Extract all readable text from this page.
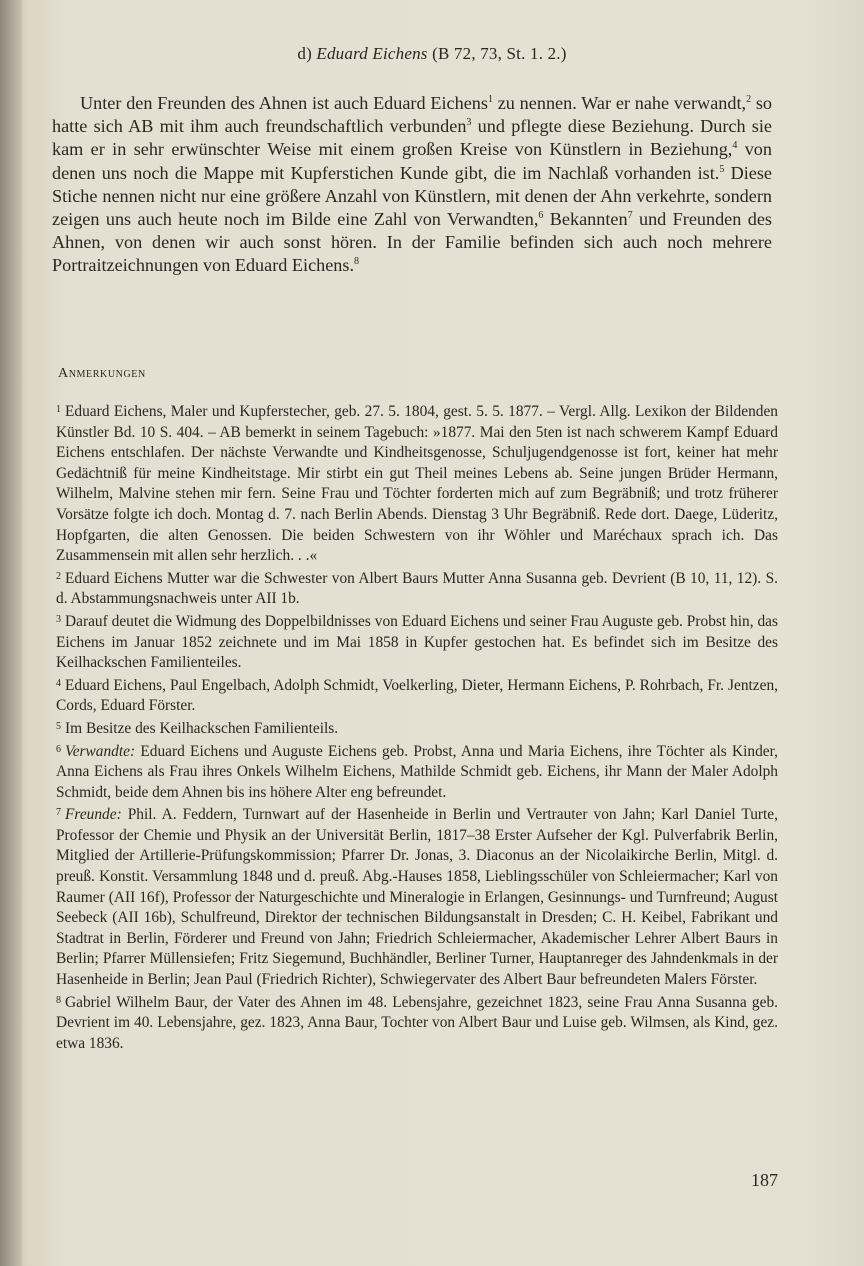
d) Eduard Eichens (B 72, 73, St. 1. 2.)

Unter den Freunden des Ahnen ist auch Eduard Eichens$^1$ zu nennen. War er nahe verwandt,$^2$ so hatte sich AB mit ihm auch freundschaftlich verbunden$^3$ und pflegte diese Beziehung. Durch sie kam er in sehr erwünschter Weise mit einem großen Kreise von Künstlern in Beziehung,$^4$ von denen uns noch die Mappe mit Kupferstichen Kunde gibt, die im Nachlaß vorhanden ist.$^5$ Diese Stiche nennen nicht nur eine größere Anzahl von Künstlern, mit denen der Ahn verkehrte, sondern zeigen uns auch heute noch im Bilde eine Zahl von Verwandten,$^6$ Bekannten$^7$ und Freunden des Ahnen, von denen wir auch sonst hören. In der Familie befinden sich auch noch mehrere Portraitzeichnungen von Eduard Eichens.$^8$

Anmerkungen

$^1$ Eduard Eichens, Maler und Kupferstecher, geb. 27. 5. 1804, gest. 5. 5. 1877. – Vergl. Allg. Lexikon der Bildenden Künstler Bd. 10 S. 404. – AB bemerkt in seinem Tagebuch: »1877. Mai den 5ten ist nach schwerem Kampf Eduard Eichens entschlafen. Der nächste Verwandte und Kindheitsgenosse, Schuljugendgenosse ist fort, keiner hat mehr Gedächtniß für meine Kindheitstage. Mir stirbt ein gut Theil meines Lebens ab. Seine jungen Brüder Hermann, Wilhelm, Malvine stehen mir fern. Seine Frau und Töchter forderten mich auf zum Begräbniß; und trotz früherer Vorsätze folgte ich doch. Montag d. 7. nach Berlin Abends. Dienstag 3 Uhr Begräbniß. Rede dort. Daege, Lüderitz, Hopfgarten, die alten Genossen. Die beiden Schwestern von ihr Wöhler und Maréchaux sprach ich. Das Zusammensein mit allen sehr herzlich. . .«

$^2$ Eduard Eichens Mutter war die Schwester von Albert Baurs Mutter Anna Susanna geb. Devrient (B 10, 11, 12). S. d. Abstammungsnachweis unter AII 1b.

$^3$ Darauf deutet die Widmung des Doppelbildnisses von Eduard Eichens und seiner Frau Auguste geb. Probst hin, das Eichens im Januar 1852 zeichnete und im Mai 1858 in Kupfer gestochen hat. Es befindet sich im Besitze des Keilhackschen Familienteiles.

$^4$ Eduard Eichens, Paul Engelbach, Adolph Schmidt, Voelkerling, Dieter, Hermann Eichens, P. Rohrbach, Fr. Jentzen, Cords, Eduard Förster.

$^5$ Im Besitze des Keilhackschen Familienteils.

$^6$ Verwandte: Eduard Eichens und Auguste Eichens geb. Probst, Anna und Maria Eichens, ihre Töchter als Kinder, Anna Eichens als Frau ihres Onkels Wilhelm Eichens, Mathilde Schmidt geb. Eichens, ihr Mann der Maler Adolph Schmidt, beide dem Ahnen bis ins höhere Alter eng befreundet.

$^7$ Freunde: Phil. A. Feddern, Turnwart auf der Hasenheide in Berlin und Vertrauter von Jahn; Karl Daniel Turte, Professor der Chemie und Physik an der Universität Berlin, 1817–38 Erster Aufseher der Kgl. Pulverfabrik Berlin, Mitglied der Artillerie-Prüfungskommission; Pfarrer Dr. Jonas, 3. Diaconus an der Nicolaikirche Berlin, Mitgl. d. preuß. Konstit. Versammlung 1848 und d. preuß. Abg.-Hauses 1858, Lieblingsschüler von Schleiermacher; Karl von Raumer (AII 16f), Professor der Naturgeschichte und Mineralogie in Erlangen, Gesinnungs- und Turnfreund; August Seebeck (AII 16b), Schulfreund, Direktor der technischen Bildungsanstalt in Dresden; C. H. Keibel, Fabrikant und Stadtrat in Berlin, Förderer und Freund von Jahn; Friedrich Schleiermacher, Akademischer Lehrer Albert Baurs in Berlin; Pfarrer Müllensiefen; Fritz Siegemund, Buchhändler, Berliner Turner, Hauptanreger des Jahndenkmals in der Hasenheide in Berlin; Jean Paul (Friedrich Richter), Schwiegervater des Albert Baur befreundeten Malers Förster.

$^8$ Gabriel Wilhelm Baur, der Vater des Ahnen im 48. Lebensjahre, gezeichnet 1823, seine Frau Anna Susanna geb. Devrient im 40. Lebensjahre, gez. 1823, Anna Baur, Tochter von Albert Baur und Luise geb. Wilmsen, als Kind, gez. etwa 1836.

187
